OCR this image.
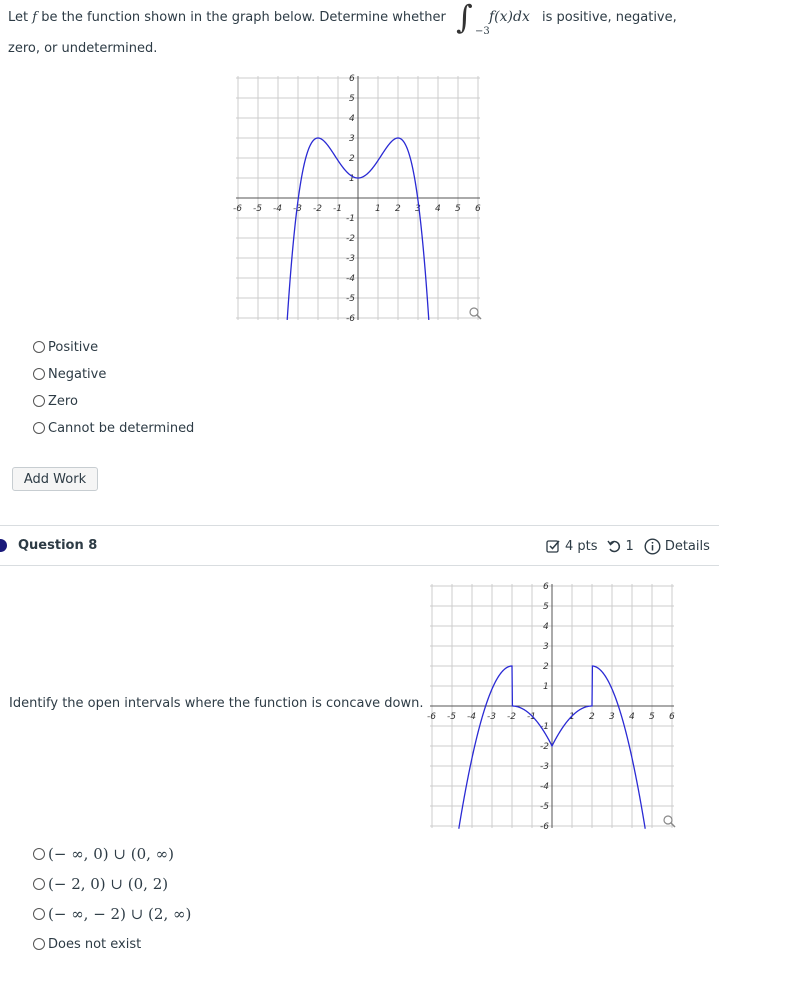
Let f be the function shown in the graph below. Determine whether ∫ −3
f(x)dx is positive, negative,
zero, or undetermined.
-6 -5 -4 -3 -2 -1	1 2 3 4 5 6
6
5
4
3
2
1
-1
-2
-3
-4
-5
-6
Positive
Negative
Zero
Cannot be determined
Add Work
Question 8	4 pts 1 Details
Identify the open intervals where the function is concave down.
-6 -5 -4 -3 -2 -1	1 2 3 4 5 6
6
5
4
3
2
1
-1
-2
-3
-4
-5
-6
(− ∞, 0) ∪ (0, ∞)
(− 2, 0) ∪ (0, 2)
(− ∞, − 2) ∪ (2, ∞)
Does not exist
